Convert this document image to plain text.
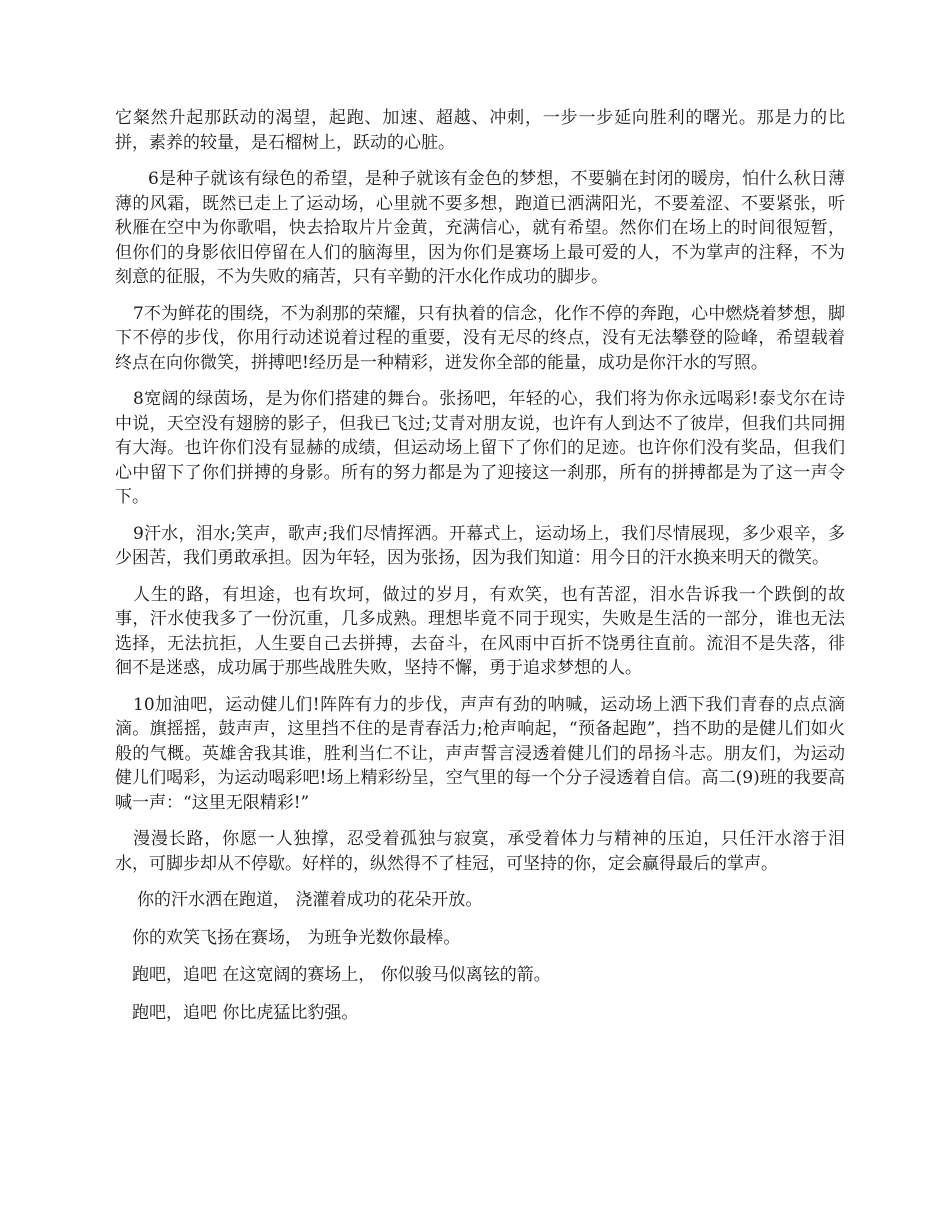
它粲然升起那跃动的渴望，起跑、加速、超越、冲刺，一步一步延向胜利的曙光。那是力的比拼，素养的较量，是石榴树上，跃动的心脏。

6是种子就该有绿色的希望，是种子就该有金色的梦想，不要躺在封闭的暖房，怕什么秋日薄薄的风霜，既然已走上了运动场，心里就不要多想，跑道已洒满阳光，不要羞涩、不要紧张，听秋雁在空中为你歌唱，快去拾取片片金黄，充满信心，就有希望。然你们在场上的时间很短暂，但你们的身影依旧停留在人们的脑海里，因为你们是赛场上最可爱的人，不为掌声的注释，不为刻意的征服，不为失败的痛苦，只有辛勤的汗水化作成功的脚步。

7不为鲜花的围绕，不为刹那的荣耀，只有执着的信念，化作不停的奔跑，心中燃烧着梦想，脚下不停的步伐，你用行动述说着过程的重要，没有无尽的终点，没有无法攀登的险峰，希望载着终点在向你微笑，拼搏吧!经历是一种精彩，迸发你全部的能量，成功是你汗水的写照。

8宽阔的绿茵场，是为你们搭建的舞台。张扬吧，年轻的心，我们将为你永远喝彩!泰戈尔在诗中说，天空没有翅膀的影子，但我已飞过;艾青对朋友说，也许有人到达不了彼岸，但我们共同拥有大海。也许你们没有显赫的成绩，但运动场上留下了你们的足迹。也许你们没有奖品，但我们心中留下了你们拼搏的身影。所有的努力都是为了迎接这一刹那，所有的拼搏都是为了这一声令下。

9汗水，泪水;笑声，歌声;我们尽情挥洒。开幕式上，运动场上，我们尽情展现，多少艰辛，多少困苦，我们勇敢承担。因为年轻，因为张扬，因为我们知道：用今日的汗水换来明天的微笑。

人生的路，有坦途，也有坎坷，做过的岁月，有欢笑，也有苦涩，泪水告诉我一个跌倒的故事，汗水使我多了一份沉重，几多成熟。理想毕竟不同于现实，失败是生活的一部分，谁也无法选择，无法抗拒，人生要自己去拼搏，去奋斗，在风雨中百折不饶勇往直前。流泪不是失落，徘徊不是迷惑，成功属于那些战胜失败，坚持不懈，勇于追求梦想的人。

10加油吧，运动健儿们!阵阵有力的步伐，声声有劲的呐喊，运动场上洒下我们青春的点点滴滴。旗摇摇，鼓声声，这里挡不住的是青春活力;枪声响起，“预备起跑”，挡不助的是健儿们如火般的气概。英雄舍我其谁，胜利当仁不让，声声誓言浸透着健儿们的昂扬斗志。朋友们，为运动健儿们喝彩，为运动喝彩吧!场上精彩纷呈，空气里的每一个分子浸透着自信。高二(9)班的我要高喊一声：“这里无限精彩!”

漫漫长路，你愿一人独撑，忍受着孤独与寂寞，承受着体力与精神的压迫，只任汗水溶于泪水，可脚步却从不停歇。好样的，纵然得不了桂冠，可坚持的你，定会赢得最后的掌声。

你的汗水洒在跑道， 浇灌着成功的花朵开放。

你的欢笑飞扬在赛场， 为班争光数你最棒。

跑吧，追吧 在这宽阔的赛场上， 你似骏马似离铉的箭。

跑吧，追吧 你比虎猛比豹强。
